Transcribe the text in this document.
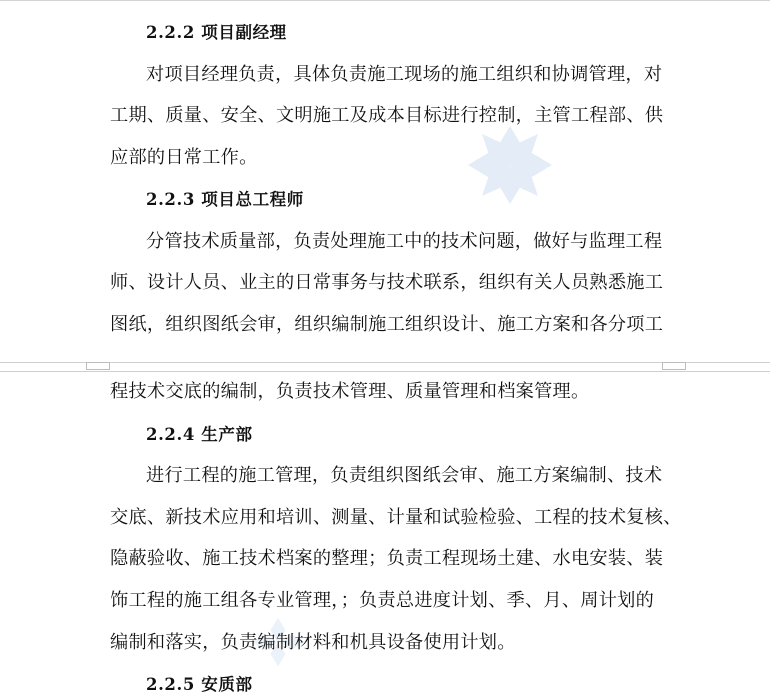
2.2.2 项目副经理
对项目经理负责，具体负责施工现场的施工组织和协调管理，对
工期、质量、安全、文明施工及成本目标进行控制，主管工程部、供
应部的日常工作。
2.2.3 项目总工程师
分管技术质量部，负责处理施工中的技术问题，做好与监理工程
师、设计人员、业主的日常事务与技术联系，组织有关人员熟悉施工
图纸，组织图纸会审，组织编制施工组织设计、施工方案和各分项工
程技术交底的编制，负责技术管理、质量管理和档案管理。
2.2.4 生产部
进行工程的施工管理，负责组织图纸会审、施工方案编制、技术
交底、新技术应用和培训、测量、计量和试验检验、工程的技术复核、
隐蔽验收、施工技术档案的整理；负责工程现场土建、水电安装、装
饰工程的施工组各专业管理，；负责总进度计划、季、月、周计划的
编制和落实，负责编制材料和机具设备使用计划。
2.2.5 安质部
